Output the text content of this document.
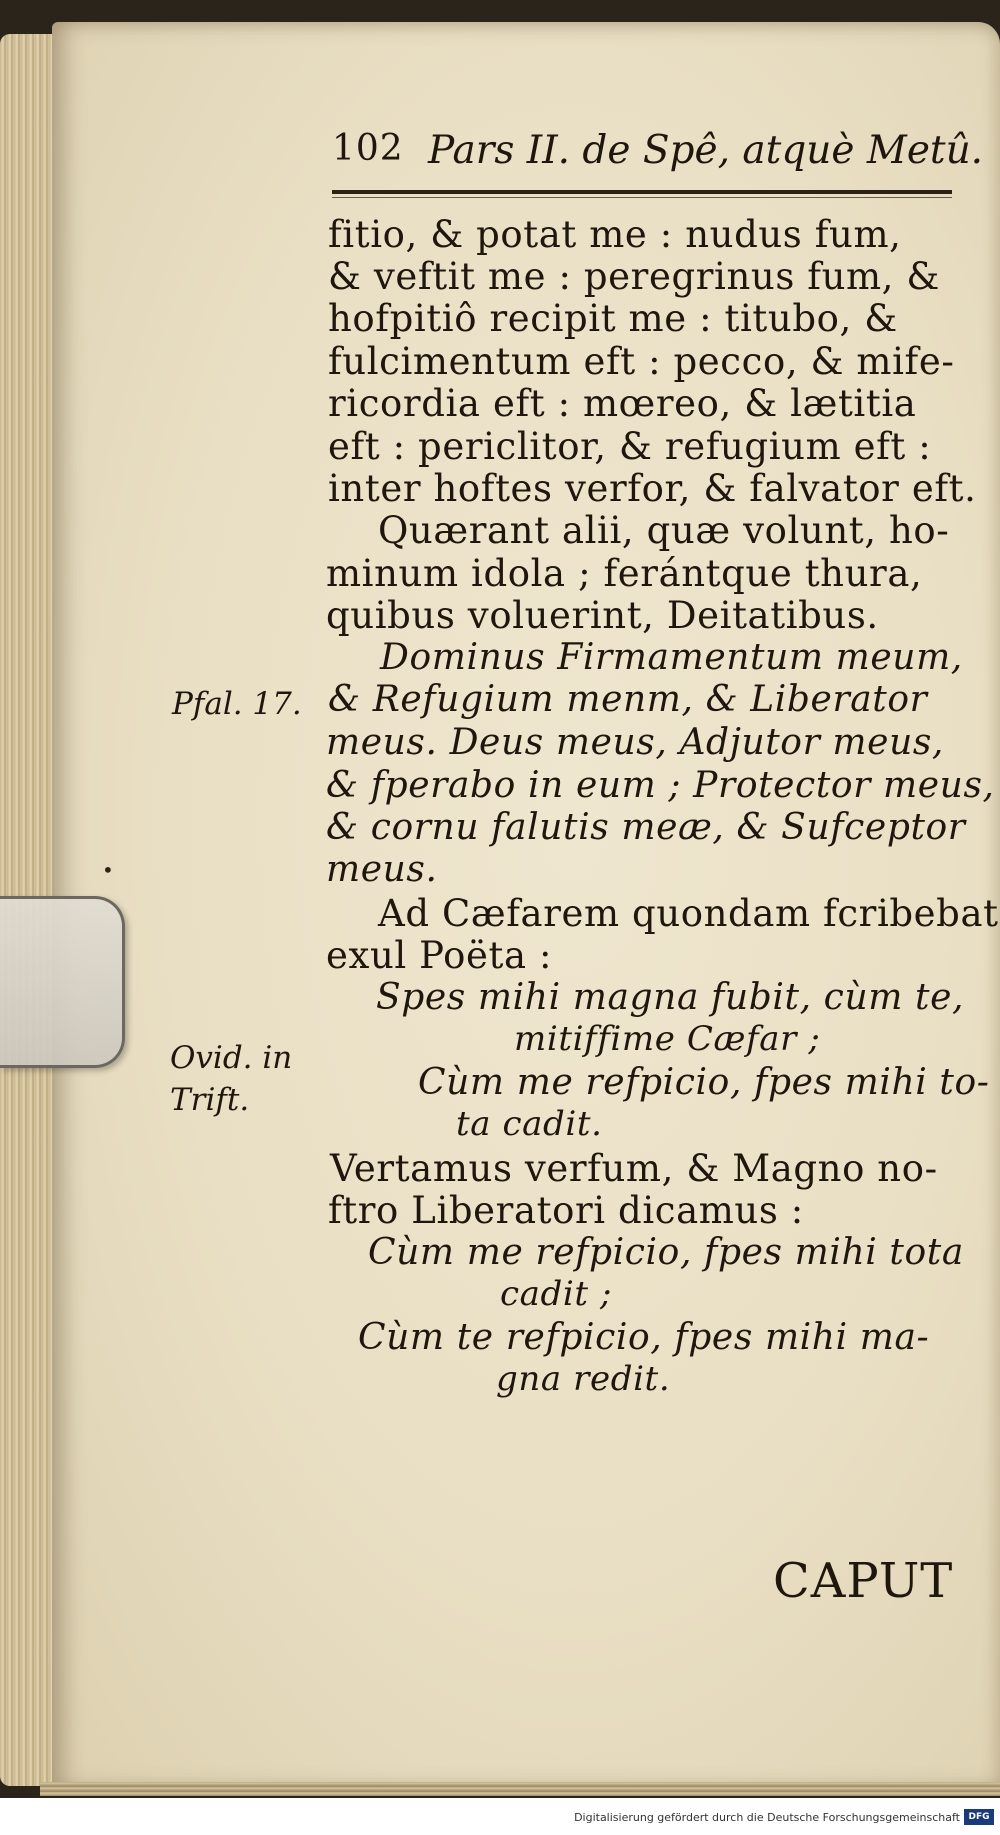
•
102 Pars II. de Spê, atquè Metû.
fitio, & potat me : nudus fum,
& veftit me : peregrinus fum, &
hofpitiô recipit me : titubo, &
fulcimentum eft : pecco, & mife-
ricordia eft : mœreo, & lætitia
eft : periclitor, & refugium eft :
inter hoftes verfor, & falvator eft.
Quærant alii, quæ volunt, ho-
minum idola ; ferántque thura,
quibus voluerint, Deitatibus.
Dominus Firmamentum meum,
& Refugium menm, & Liberator
meus. Deus meus, Adjutor meus,
& fperabo in eum ; Protector meus,
& cornu falutis meæ, & Sufceptor
meus.
Ad Cæfarem quondam fcribebat
exul Poëta :
Spes mihi magna fubit, cùm te,
mitiffime Cæfar ;
Cùm me refpicio, fpes mihi to-
ta cadit.
Vertamus verfum, & Magno no-
ftro Liberatori dicamus :
Cùm me refpicio, fpes mihi tota
cadit ;
Cùm te refpicio, fpes mihi ma-
gna redit.
Pfal. 17.
Ovid. in
Trift.
CAPUT
Digitalisierung gefördert durch die Deutsche Forschungsgemeinschaft DFG
